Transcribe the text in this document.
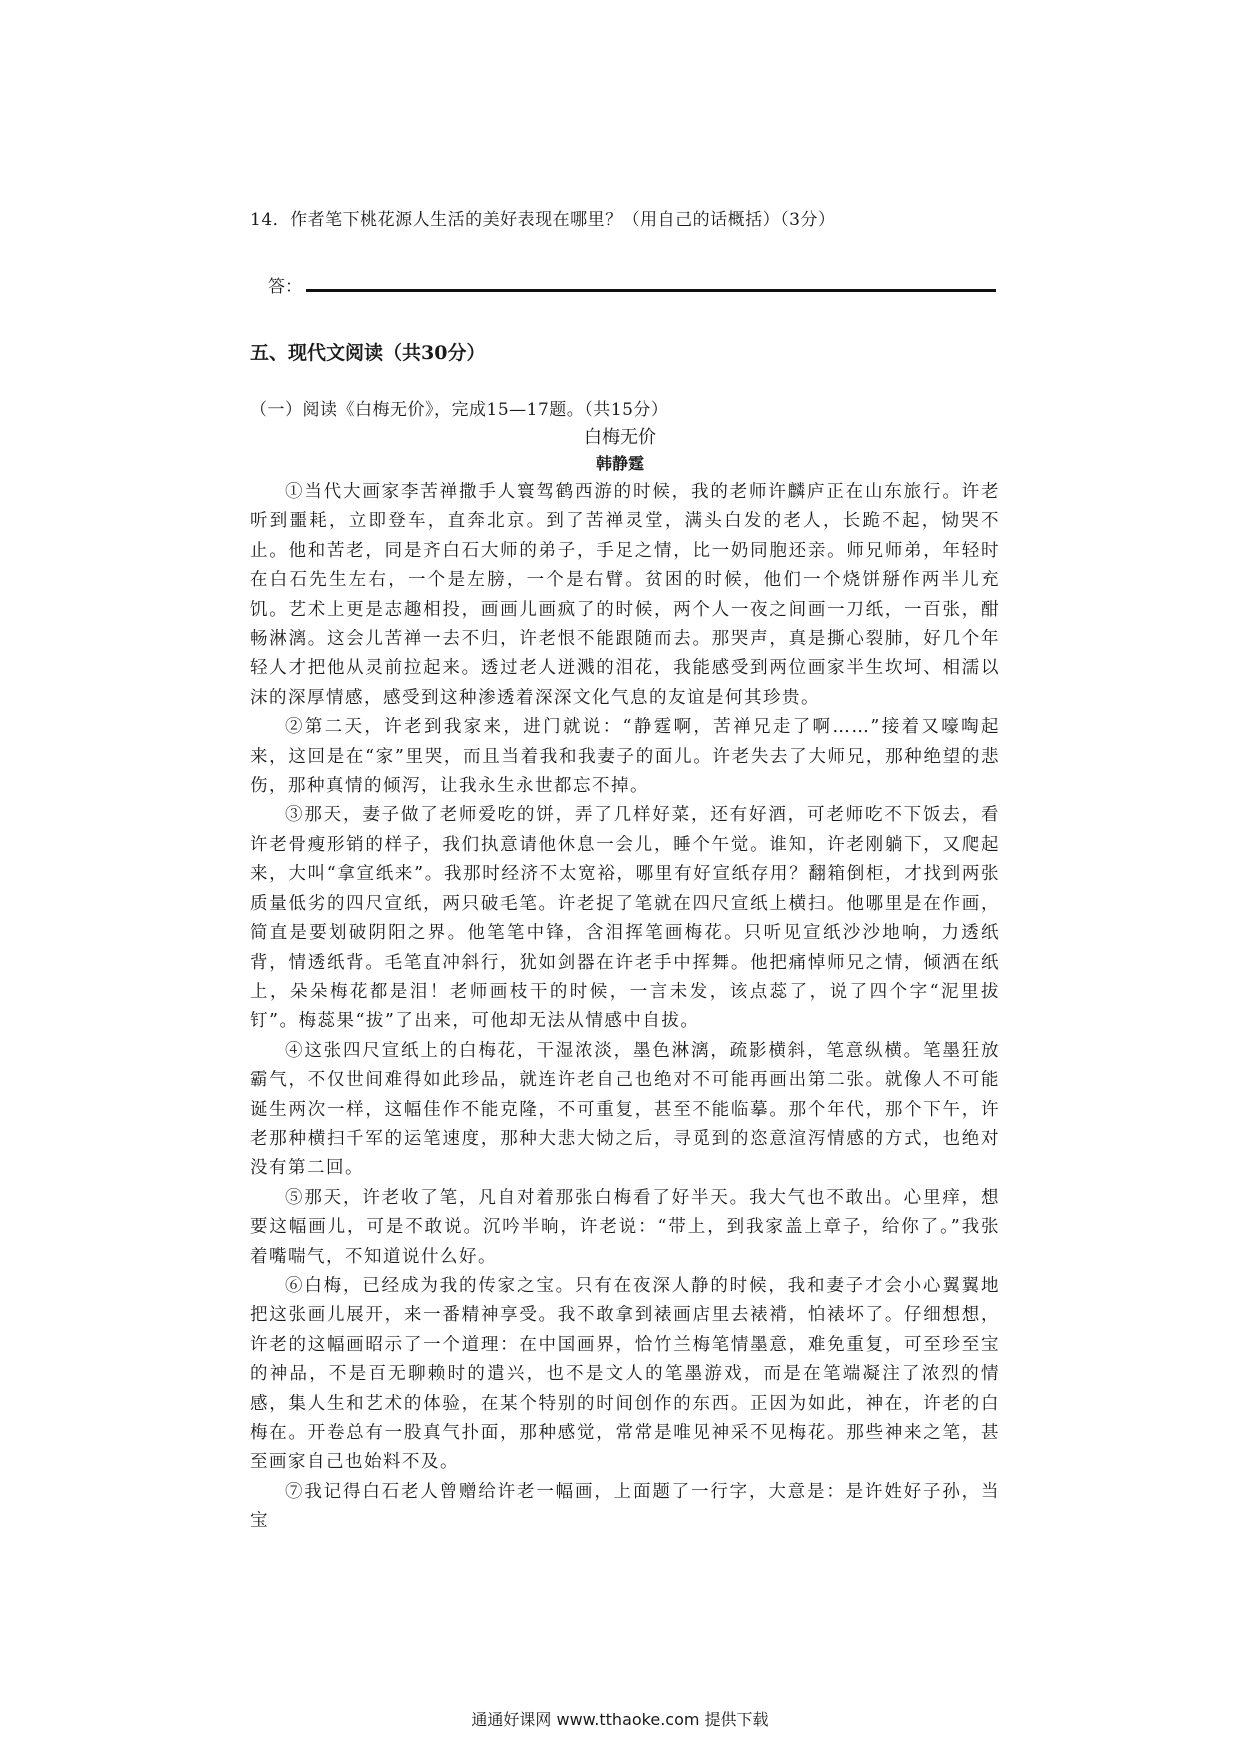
14．作者笔下桃花源人生活的美好表现在哪里？（用自己的话概括）（3分）
答：
五、现代文阅读（共30分）
（一）阅读《白梅无价》，完成15—17题。（共15分）
白梅无价
韩静霆

①当代大画家李苦禅撒手人寰驾鹤西游的时候，我的老师许麟庐正在山东旅行。许老听到噩耗，立即登车，直奔北京。到了苦禅灵堂，满头白发的老人，长跪不起，恸哭不止。他和苦老，同是齐白石大师的弟子，手足之情，比一奶同胞还亲。师兄师弟，年轻时在白石先生左右，一个是左膀，一个是右臂。贫困的时候，他们一个烧饼掰作两半儿充饥。艺术上更是志趣相投，画画儿画疯了的时候，两个人一夜之间画一刀纸，一百张，酣畅淋漓。这会儿苦禅一去不归，许老恨不能跟随而去。那哭声，真是撕心裂肺，好几个年轻人才把他从灵前拉起来。透过老人迸溅的泪花，我能感受到两位画家半生坎坷、相濡以沫的深厚情感，感受到这种渗透着深深文化气息的友谊是何其珍贵。

②第二天，许老到我家来，进门就说：“静霆啊，苦禅兄走了啊……”接着又嚎啕起来，这回是在“家”里哭，而且当着我和我妻子的面儿。许老失去了大师兄，那种绝望的悲伤，那种真情的倾泻，让我永生永世都忘不掉。

③那天，妻子做了老师爱吃的饼，弄了几样好菜，还有好酒，可老师吃不下饭去，看许老骨瘦形销的样子，我们执意请他休息一会儿，睡个午觉。谁知，许老刚躺下，又爬起来，大叫“拿宣纸来”。我那时经济不太宽裕，哪里有好宣纸存用？翻箱倒柜，才找到两张质量低劣的四尺宣纸，两只破毛笔。许老捉了笔就在四尺宣纸上横扫。他哪里是在作画，简直是要划破阴阳之界。他笔笔中锋，含泪挥笔画梅花。只听见宣纸沙沙地响，力透纸背，情透纸背。毛笔直冲斜行，犹如剑器在许老手中挥舞。他把痛悼师兄之情，倾洒在纸上，朵朵梅花都是泪！老师画枝干的时候，一言未发，该点蕊了，说了四个字“泥里拔钉”。梅蕊果“拔”了出来，可他却无法从情感中自拔。

④这张四尺宣纸上的白梅花，干湿浓淡，墨色淋漓，疏影横斜，笔意纵横。笔墨狂放霸气，不仅世间难得如此珍品，就连许老自己也绝对不可能再画出第二张。就像人不可能诞生两次一样，这幅佳作不能克隆，不可重复，甚至不能临摹。那个年代，那个下午，许老那种横扫千军的运笔速度，那种大悲大恸之后，寻觅到的恣意渲泻情感的方式，也绝对没有第二回。

⑤那天，许老收了笔，凡自对着那张白梅看了好半天。我大气也不敢出。心里痒，想要这幅画儿，可是不敢说。沉吟半晌，许老说：“带上，到我家盖上章子，给你了。”我张着嘴喘气，不知道说什么好。

⑥白梅，已经成为我的传家之宝。只有在夜深人静的时候，我和妻子才会小心翼翼地把这张画儿展开，来一番精神享受。我不敢拿到裱画店里去裱褙，怕裱坏了。仔细想想，许老的这幅画昭示了一个道理：在中国画界，恰竹兰梅笔情墨意，难免重复，可至珍至宝的神品，不是百无聊赖时的遣兴，也不是文人的笔墨游戏，而是在笔端凝注了浓烈的情感，集人生和艺术的体验，在某个特别的时间创作的东西。正因为如此，神在，许老的白梅在。开卷总有一股真气扑面，那种感觉，常常是唯见神采不见梅花。那些神来之笔，甚至画家自己也始料不及。

⑦我记得白石老人曾赠给许老一幅画，上面题了一行字，大意是：是许姓好子孙，当宝

通通好课网 www.tthaoke.com 提供下载
